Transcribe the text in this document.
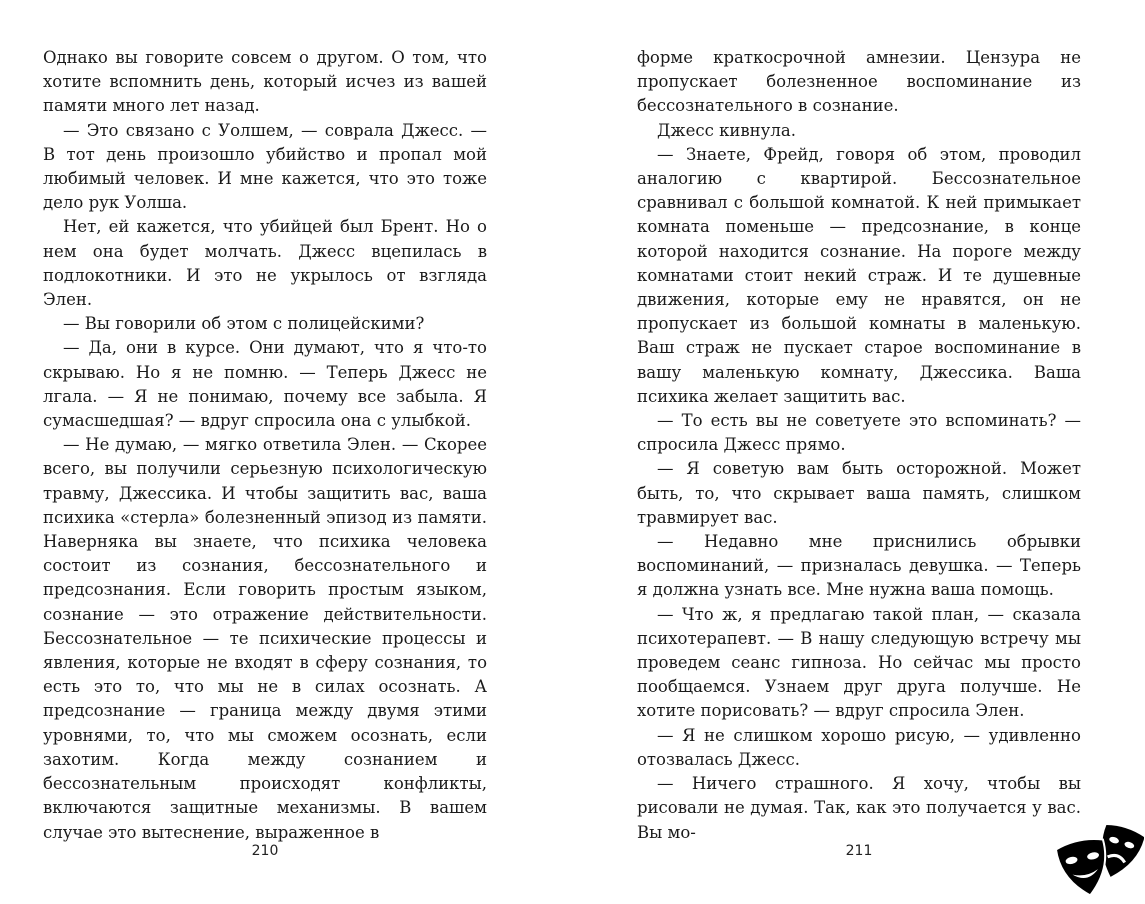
Однако вы говорите совсем о другом. О том, что хотите вспомнить день, который исчез из вашей памяти много лет назад.

— Это связано с Уолшем, — соврала Джесс. — В тот день произошло убийство и пропал мой любимый человек. И мне кажется, что это тоже дело рук Уолша.

Нет, ей кажется, что убийцей был Брент. Но о нем она будет молчать. Джесс вцепилась в подлокотники. И это не укрылось от взгляда Элен.

— Вы говорили об этом с полицейскими?

— Да, они в курсе. Они думают, что я что-то скрываю. Но я не помню. — Теперь Джесс не лгала. — Я не понимаю, почему все забыла. Я сумасшедшая? — вдруг спросила она с улыбкой.

— Не думаю, — мягко ответила Элен. — Скорее всего, вы получили серьезную психологическую травму, Джессика. И чтобы защитить вас, ваша психика «стерла» болезненный эпизод из памяти. Наверняка вы знаете, что психика человека состоит из сознания, бессознательного и предсознания. Если говорить простым языком, сознание — это отражение действительности. Бессознательное — те психические процессы и явления, которые не входят в сферу сознания, то есть это то, что мы не в силах осознать. А предсознание — граница между двумя этими уровнями, то, что мы сможем осознать, если захотим. Когда между сознанием и бессознательным происходят конфликты, включаются защитные механизмы. В вашем случае это вытеснение, выраженное в

форме краткосрочной амнезии. Цензура не пропускает болезненное воспоминание из бессознательного в сознание.

Джесс кивнула.

— Знаете, Фрейд, говоря об этом, проводил аналогию с квартирой. Бессознательное сравнивал с большой комнатой. К ней примыкает комната поменьше — предсознание, в конце которой находится сознание. На пороге между комнатами стоит некий страж. И те душевные движения, которые ему не нравятся, он не пропускает из большой комнаты в маленькую. Ваш страж не пускает старое воспоминание в вашу маленькую комнату, Джессика. Ваша психика желает защитить вас.

— То есть вы не советуете это вспоминать? — спросила Джесс прямо.

— Я советую вам быть осторожной. Может быть, то, что скрывает ваша память, слишком травмирует вас.

— Недавно мне приснились обрывки воспоминаний, — призналась девушка. — Теперь я должна узнать все. Мне нужна ваша помощь.

— Что ж, я предлагаю такой план, — сказала психотерапевт. — В нашу следующую встречу мы проведем сеанс гипноза. Но сейчас мы просто пообщаемся. Узнаем друг друга получше. Не хотите порисовать? — вдруг спросила Элен.

— Я не слишком хорошо рисую, — удивленно отозвалась Джесс.

— Ничего страшного. Я хочу, чтобы вы рисовали не думая. Так, как это получается у вас. Вы мо-

210	211
